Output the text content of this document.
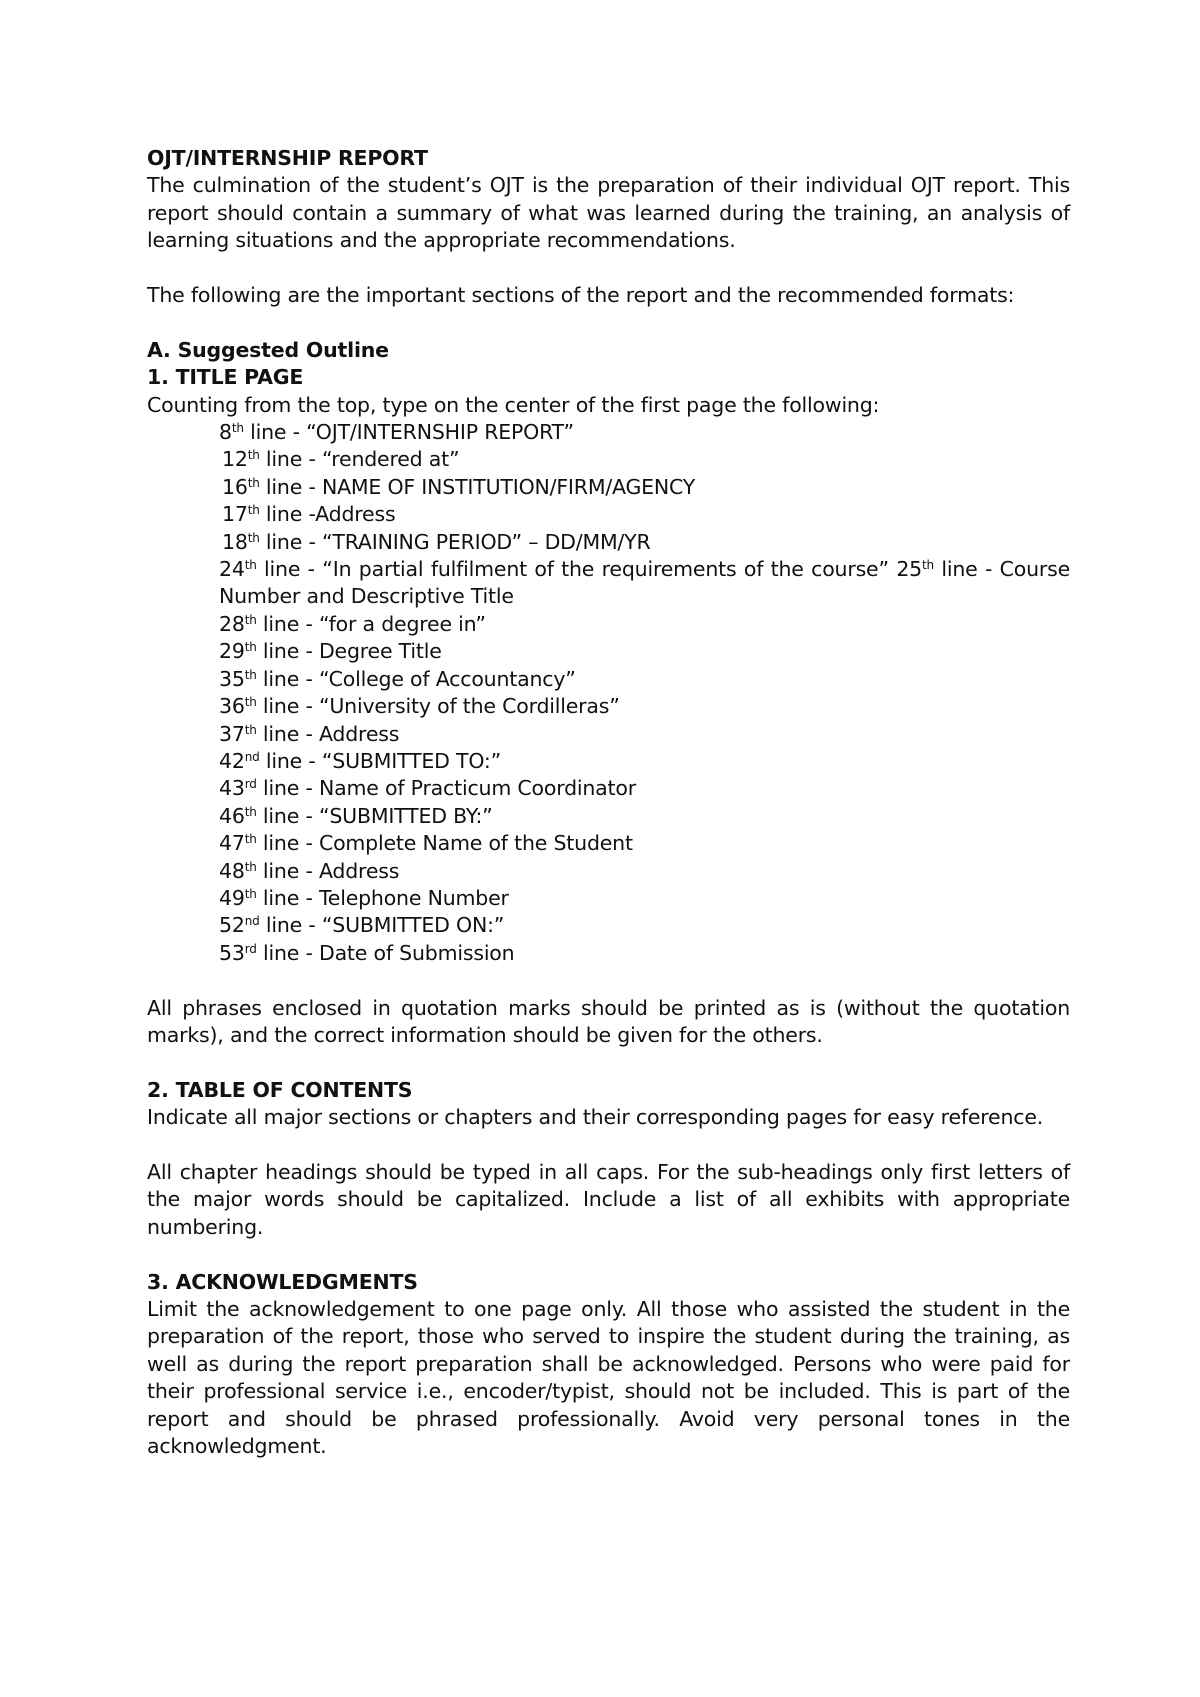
OJT/INTERNSHIP REPORT

The culmination of the student’s OJT is the preparation of their individual OJT report. This report should contain a summary of what was learned during the training, an analysis of learning situations and the appropriate recommendations.

The following are the important sections of the report and the recommended formats:

A. Suggested Outline

1. TITLE PAGE

Counting from the top, type on the center of the first page the following:

8th line - “OJT/INTERNSHIP REPORT”
12th line - “rendered at”
16th line - NAME OF INSTITUTION/FIRM/AGENCY
17th line -Address
18th line - “TRAINING PERIOD” – DD/MM/YR
24th line - “In partial fulfilment of the requirements of the course” 25th line - Course Number and Descriptive Title
28th line - “for a degree in”
29th line - Degree Title
35th line - “College of Accountancy”
36th line - “University of the Cordilleras”
37th line - Address
42nd line - “SUBMITTED TO:”
43rd line - Name of Practicum Coordinator
46th line - “SUBMITTED BY:”
47th line - Complete Name of the Student
48th line - Address
49th line - Telephone Number
52nd line - “SUBMITTED ON:”
53rd line - Date of Submission

All phrases enclosed in quotation marks should be printed as is (without the quotation marks), and the correct information should be given for the others.

2. TABLE OF CONTENTS

Indicate all major sections or chapters and their corresponding pages for easy reference.

All chapter headings should be typed in all caps. For the sub-headings only first letters of the major words should be capitalized. Include a list of all exhibits with appropriate numbering.

3. ACKNOWLEDGMENTS

Limit the acknowledgement to one page only. All those who assisted the student in the preparation of the report, those who served to inspire the student during the training, as well as during the report preparation shall be acknowledged. Persons who were paid for their professional service i.e., encoder/typist, should not be included. This is part of the report and should be phrased professionally. Avoid very personal tones in the acknowledgment.
